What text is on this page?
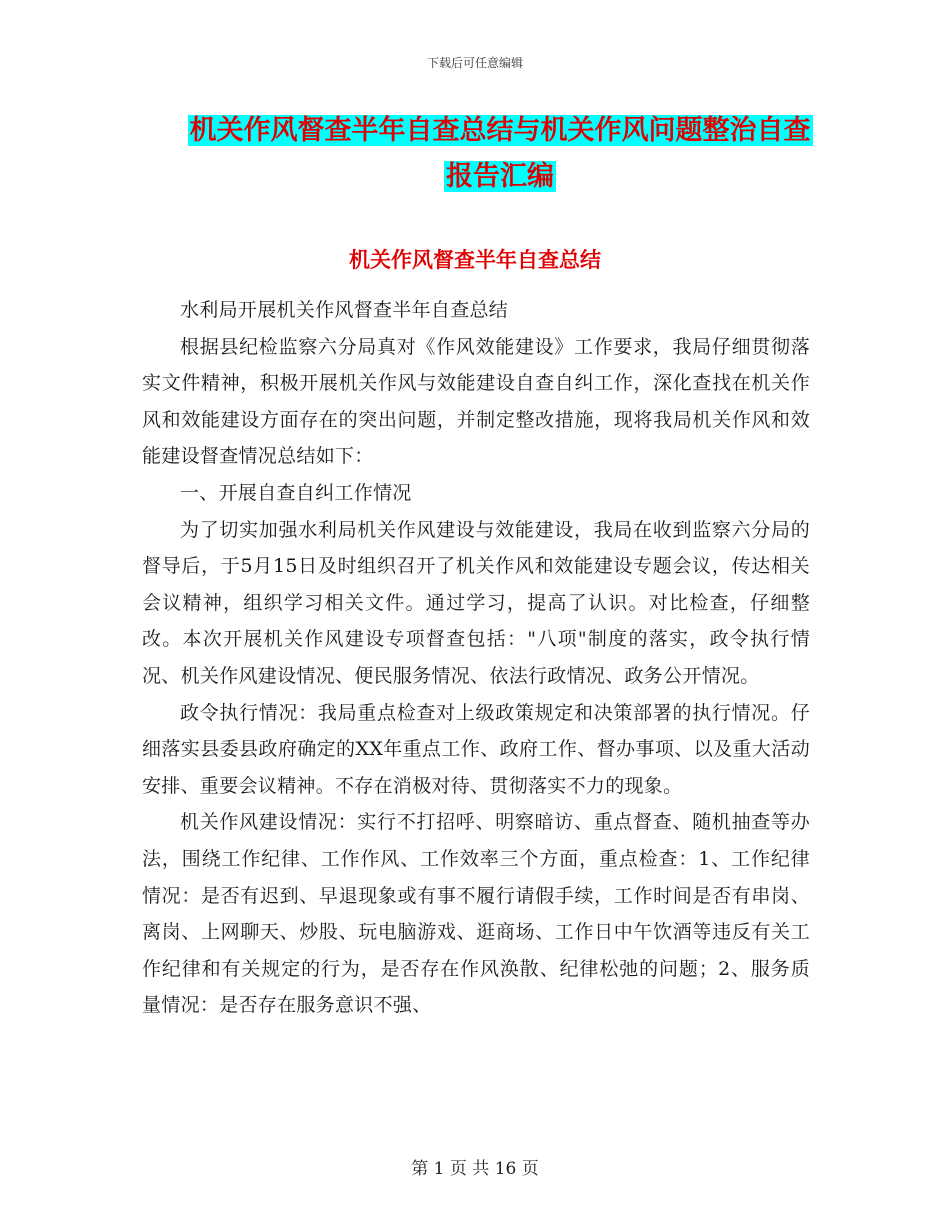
下载后可任意编辑
机关作风督查半年自查总结与机关作风问题整治自查
报告汇编
机关作风督查半年自查总结

水利局开展机关作风督查半年自查总结

根据县纪检监察六分局真对《作风效能建设》工作要求，我局仔细贯彻落实文件精神，积极开展机关作风与效能建设自查自纠工作，深化查找在机关作风和效能建设方面存在的突出问题，并制定整改措施，现将我局机关作风和效能建设督查情况总结如下：

一、开展自查自纠工作情况

为了切实加强水利局机关作风建设与效能建设，我局在收到监察六分局的督导后，于5月15日及时组织召开了机关作风和效能建设专题会议，传达相关会议精神，组织学习相关文件。通过学习，提高了认识。对比检查，仔细整改。本次开展机关作风建设专项督查包括："八项"制度的落实，政令执行情况、机关作风建设情况、便民服务情况、依法行政情况、政务公开情况。

政令执行情况：我局重点检查对上级政策规定和决策部署的执行情况。仔细落实县委县政府确定的XX年重点工作、政府工作、督办事项、以及重大活动安排、重要会议精神。不存在消极对待、贯彻落实不力的现象。

机关作风建设情况：实行不打招呼、明察暗访、重点督查、随机抽查等办法，围绕工作纪律、工作作风、工作效率三个方面，重点检查：1、工作纪律情况：是否有迟到、早退现象或有事不履行请假手续，工作时间是否有串岗、离岗、上网聊天、炒股、玩电脑游戏、逛商场、工作日中午饮酒等违反有关工作纪律和有关规定的行为，是否存在作风涣散、纪律松弛的问题；2、服务质量情况：是否存在服务意识不强、

第 1 页 共 16 页
